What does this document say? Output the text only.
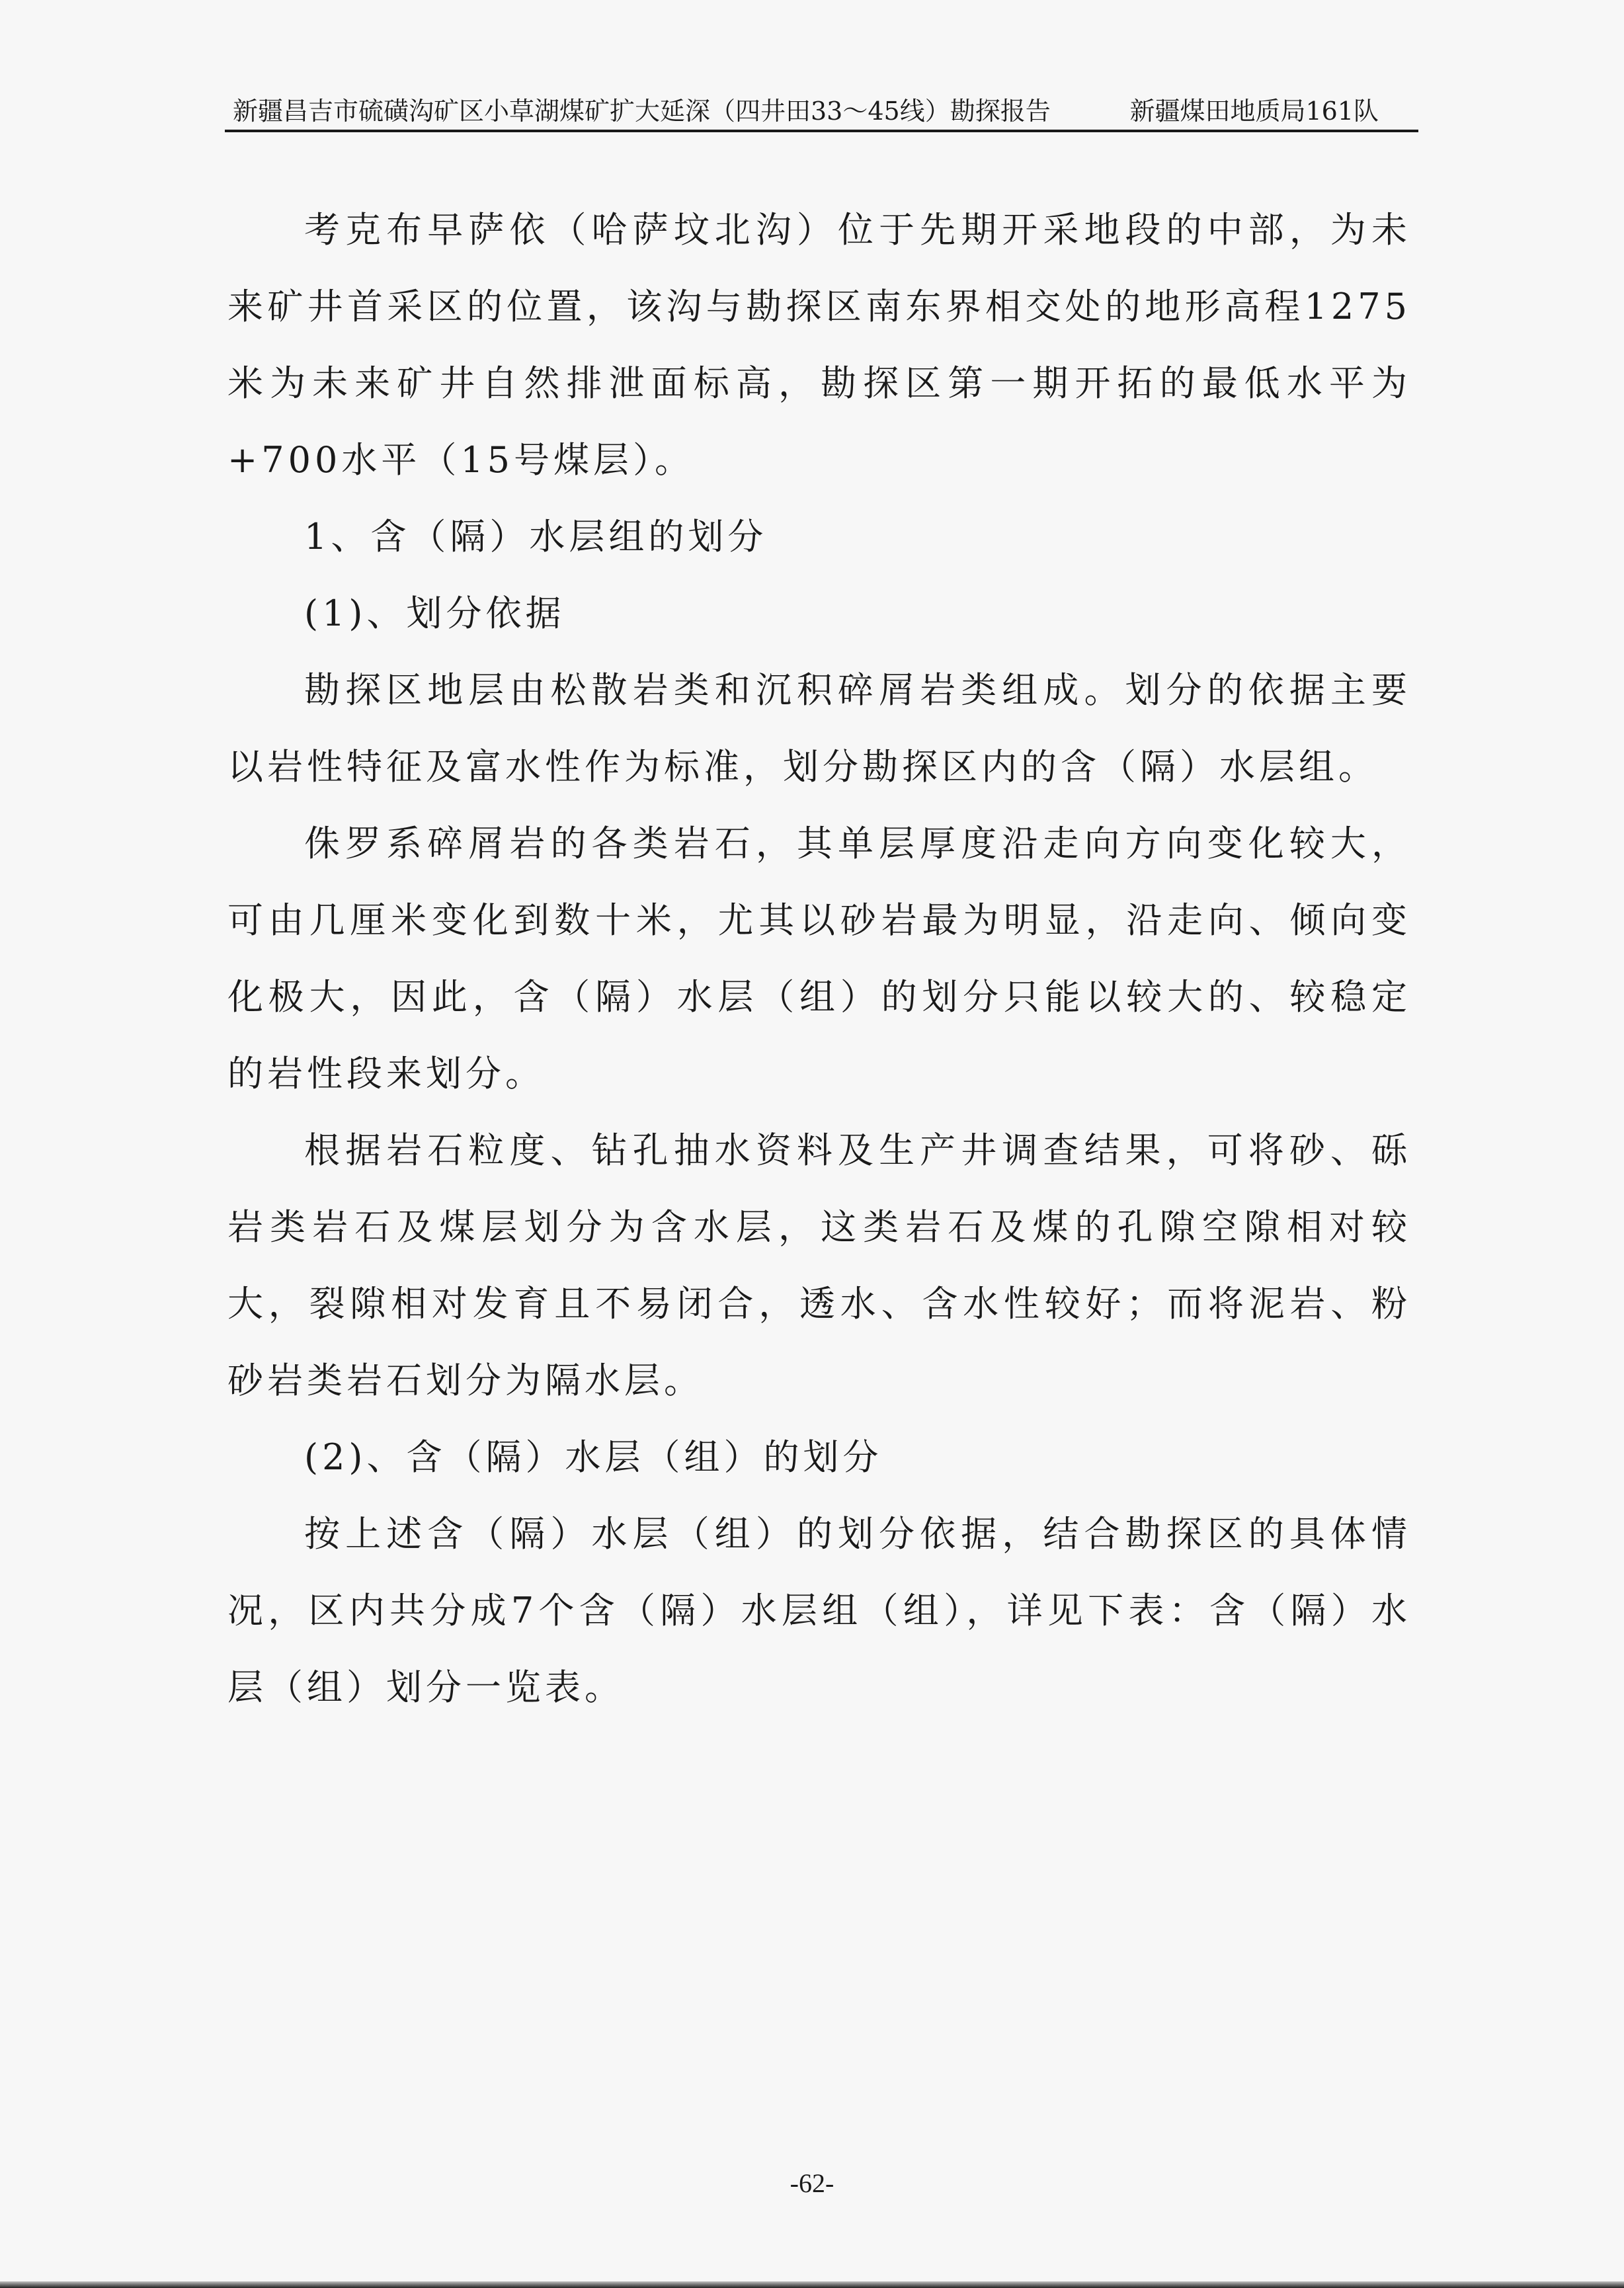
新疆昌吉市硫磺沟矿区小草湖煤矿扩大延深（四井田33～45线）勘探报告	新疆煤田地质局161队

考克布早萨依（哈萨坟北沟）位于先期开采地段的中部，为未来矿井首采区的位置，该沟与勘探区南东界相交处的地形高程1275米为未来矿井自然排泄面标高，勘探区第一期开拓的最低水平为+700水平（15号煤层）。

1、含（隔）水层组的划分

(1)、划分依据

勘探区地层由松散岩类和沉积碎屑岩类组成。划分的依据主要以岩性特征及富水性作为标准，划分勘探区内的含（隔）水层组。

侏罗系碎屑岩的各类岩石，其单层厚度沿走向方向变化较大，可由几厘米变化到数十米，尤其以砂岩最为明显，沿走向、倾向变化极大，因此，含（隔）水层（组）的划分只能以较大的、较稳定的岩性段来划分。

根据岩石粒度、钻孔抽水资料及生产井调查结果，可将砂、砾岩类岩石及煤层划分为含水层，这类岩石及煤的孔隙空隙相对较大，裂隙相对发育且不易闭合，透水、含水性较好；而将泥岩、粉砂岩类岩石划分为隔水层。

(2)、含（隔）水层（组）的划分

按上述含（隔）水层（组）的划分依据，结合勘探区的具体情况，区内共分成7个含（隔）水层组（组），详见下表：含（隔）水层（组）划分一览表。

-62-
